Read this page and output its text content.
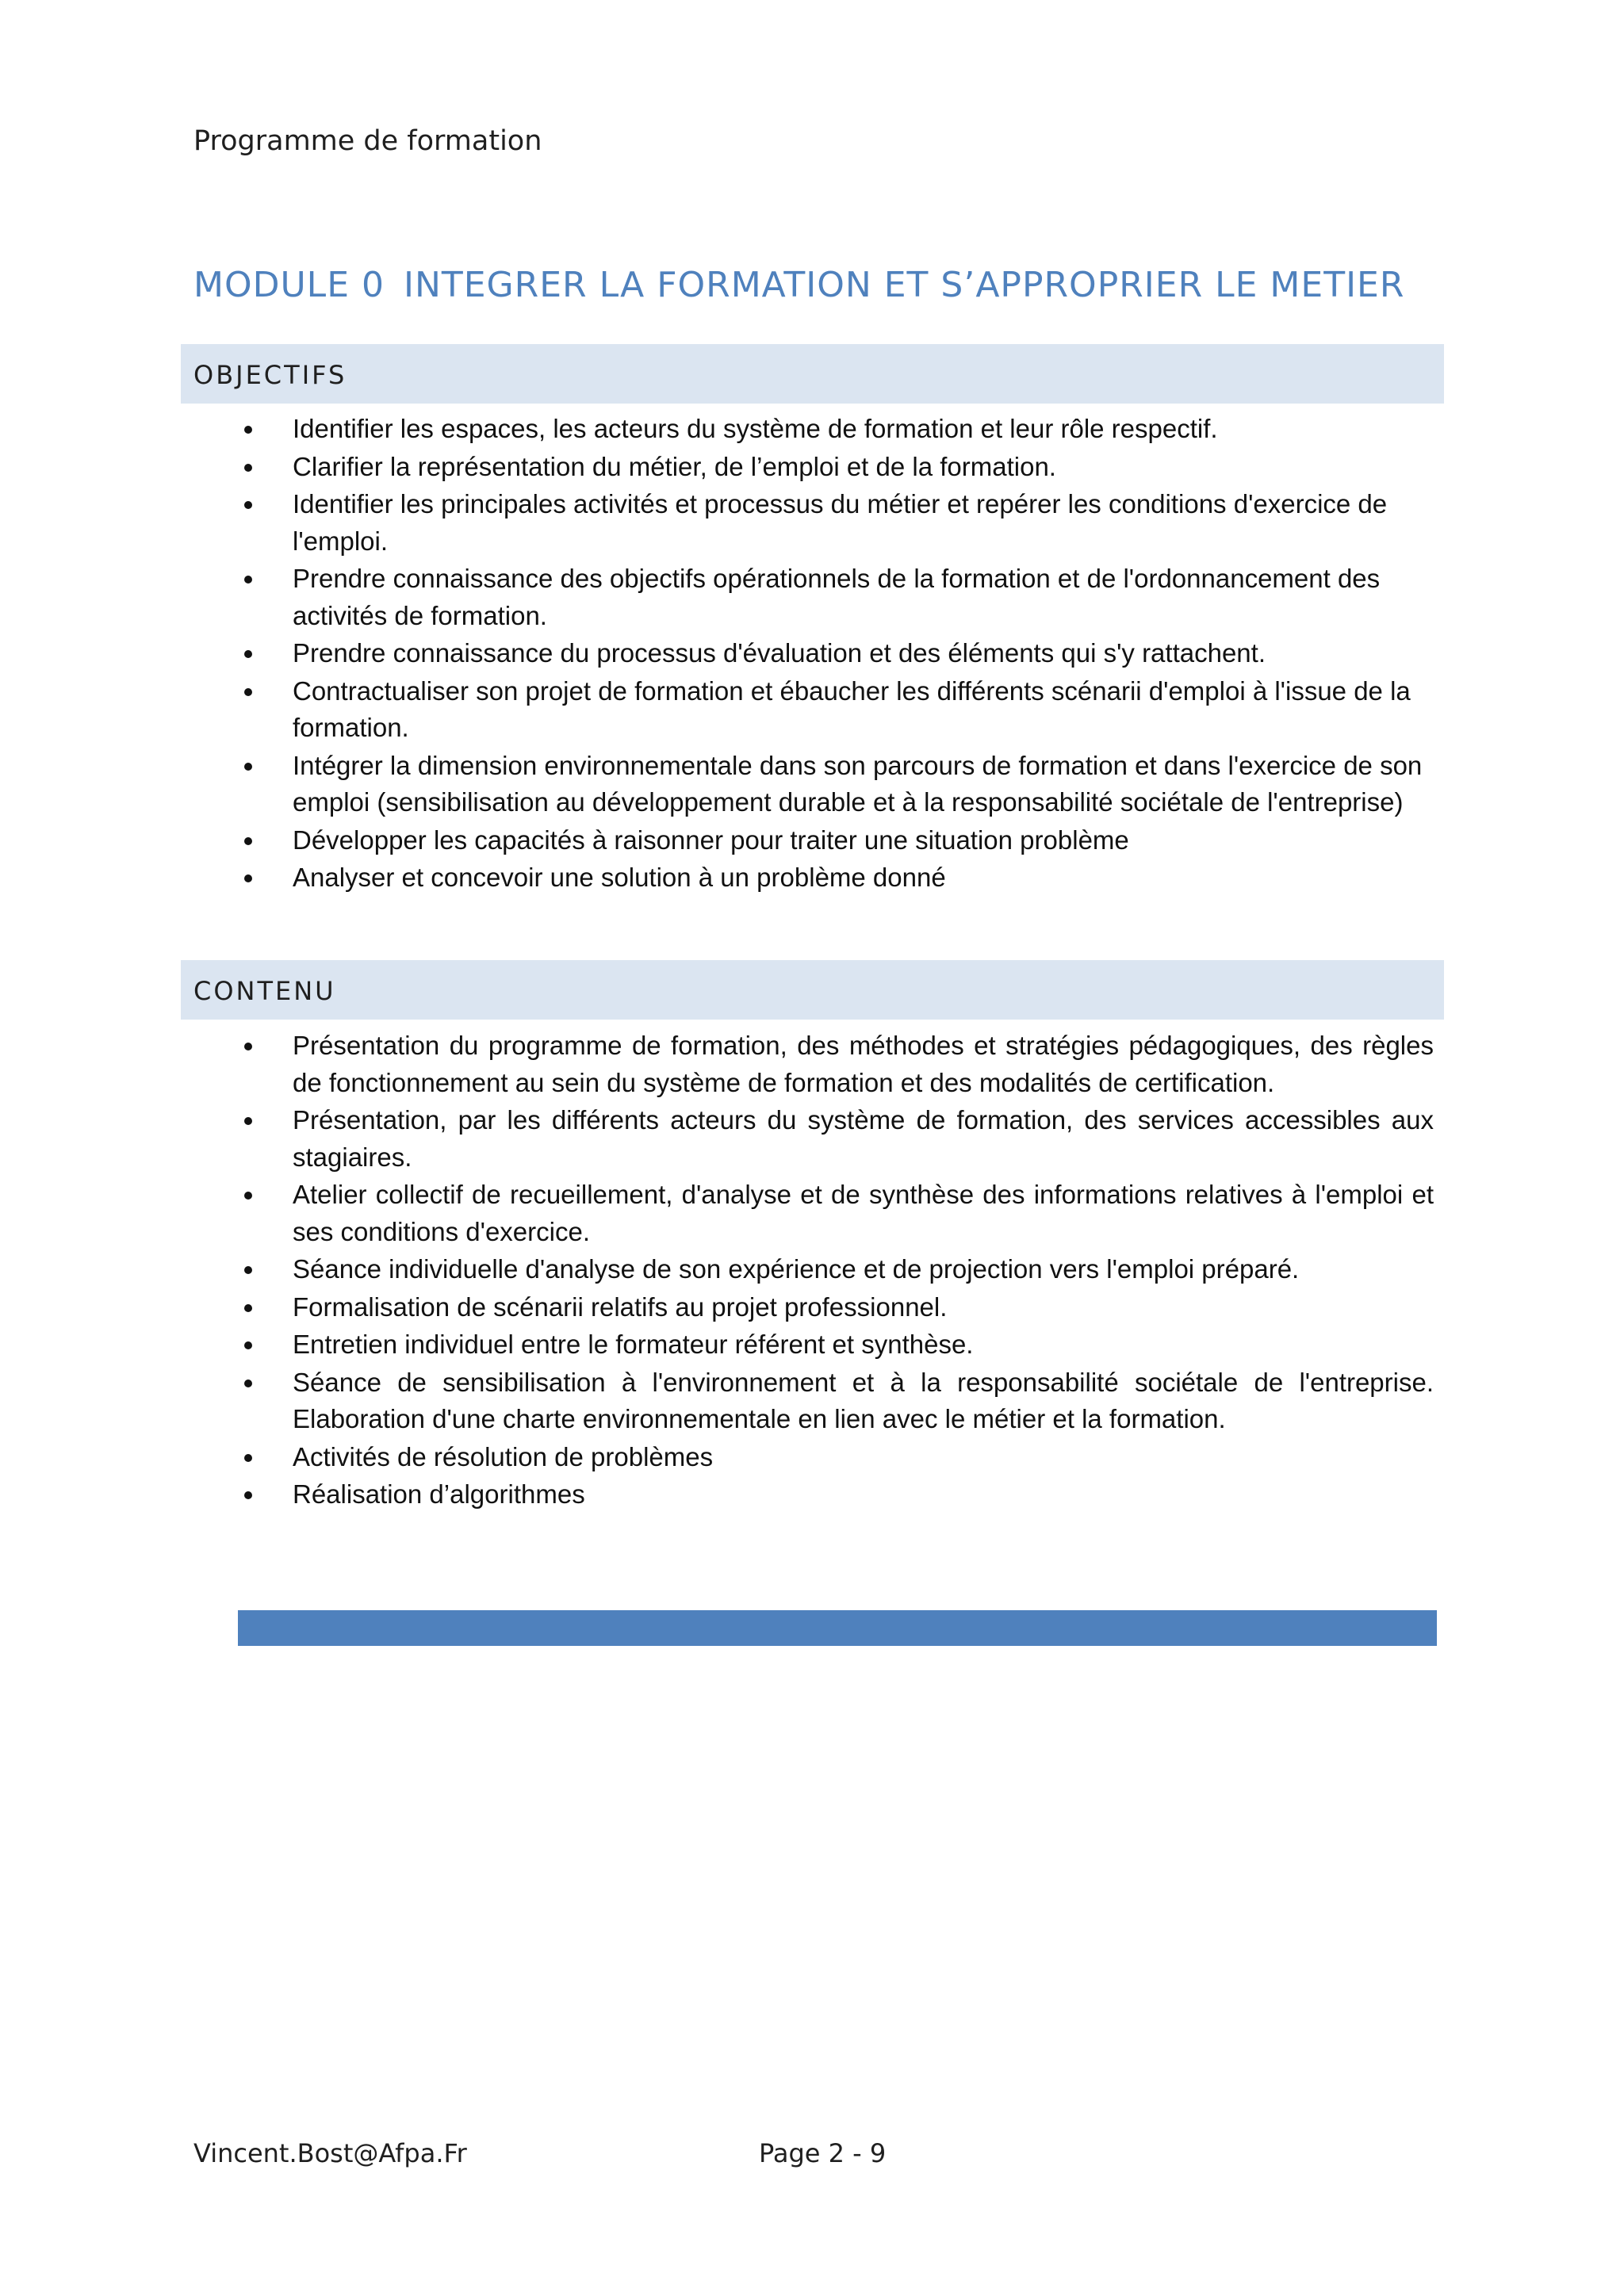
Programme de formation
MODULE 0 INTEGRER LA FORMATION ET S’APPROPRIER LE METIER
OBJECTIFS
Identifier les espaces, les acteurs du système de formation et leur rôle respectif.
Clarifier la représentation du métier, de l’emploi et de la formation.
Identifier les principales activités et processus du métier et repérer les conditions d'exercice de l'emploi.
Prendre connaissance des objectifs opérationnels de la formation et de l'ordonnancement des activités de formation.
Prendre connaissance du processus d'évaluation et des éléments qui s'y rattachent.
Contractualiser son projet de formation et ébaucher les différents scénarii d'emploi à l'issue de la formation.
Intégrer la dimension environnementale dans son parcours de formation et dans l'exercice de son emploi (sensibilisation au développement durable et à la responsabilité sociétale de l'entreprise)
Développer les capacités à raisonner pour traiter une situation problème
Analyser et concevoir une solution à un problème donné
CONTENU
Présentation du programme de formation, des méthodes et stratégies pédagogiques, des règles de fonctionnement au sein du système de formation et des modalités de certification.
Présentation, par les différents acteurs du système de formation, des services accessibles aux stagiaires.
Atelier collectif de recueillement, d'analyse et de synthèse des informations relatives à l'emploi et ses conditions d'exercice.
Séance individuelle d'analyse de son expérience et de projection vers l'emploi préparé.
Formalisation de scénarii relatifs au projet professionnel.
Entretien individuel entre le formateur référent et synthèse.
Séance de sensibilisation à l'environnement et à la responsabilité sociétale de l'entreprise. Elaboration d'une charte environnementale en lien avec le métier et la formation.
Activités de résolution de problèmes
Réalisation d’algorithmes
Vincent.Bost@Afpa.Fr	Page 2 - 9
